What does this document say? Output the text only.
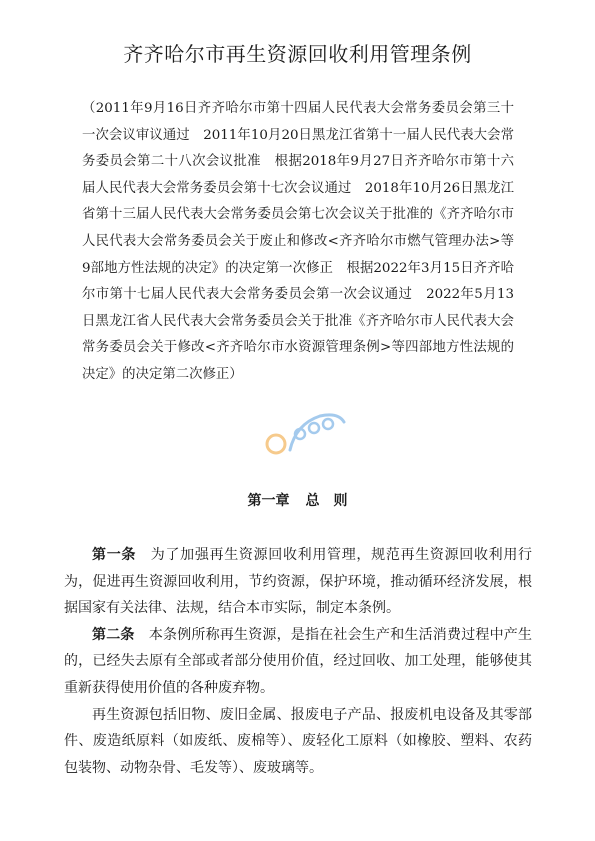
齐齐哈尔市再生资源回收利用管理条例

（2011年9月16日齐齐哈尔市第十四届人民代表大会常务委员会第三十一次会议审议通过　2011年10月20日黑龙江省第十一届人民代表大会常务委员会第二十八次会议批准　根据2018年9月27日齐齐哈尔市第十六届人民代表大会常务委员会第十七次会议通过　2018年10月26日黑龙江省第十三届人民代表大会常务委员会第七次会议关于批准的《齐齐哈尔市人民代表大会常务委员会关于废止和修改<齐齐哈尔市燃气管理办法>等9部地方性法规的决定》的决定第一次修正　根据2022年3月15日齐齐哈尔市第十七届人民代表大会常务委员会第一次会议通过　2022年5月13日黑龙江省人民代表大会常务委员会关于批准《齐齐哈尔市人民代表大会常务委员会关于修改<齐齐哈尔市水资源管理条例>等四部地方性法规的决定》的决定第二次修正）

第一章 总　则

第一条　 为了加强再生资源回收利用管理，规范再生资源回收利用行为，促进再生资源回收利用，节约资源，保护环境，推动循环经济发展，根据国家有关法律、法规，结合本市实际，制定本条例。

第二条　 本条例所称再生资源，是指在社会生产和生活消费过程中产生的，已经失去原有全部或者部分使用价值，经过回收、加工处理，能够使其重新获得使用价值的各种废弃物。

再生资源包括旧物、废旧金属、报废电子产品、报废机电设备及其零部件、废造纸原料（如废纸、废棉等）、废轻化工原料（如橡胶、塑料、农药包装物、动物杂骨、毛发等）、废玻璃等。
